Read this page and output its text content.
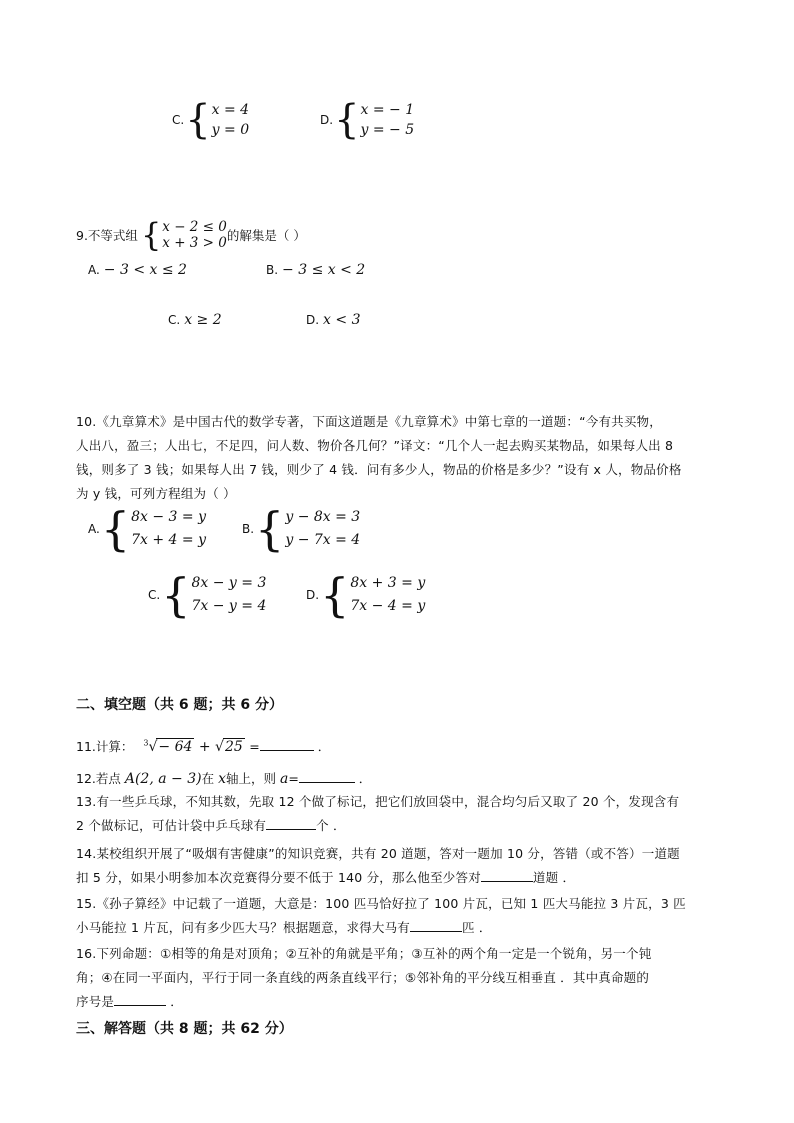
C. { x = 4
y = 0
D. { x = − 1
y = − 5
9.不等式组 { x − 2 ≤ 0
x + 3 > 0 的解集是（ ）
A. − 3 < x ≤ 2	B. − 3 ≤ x < 2
C. x ≥ 2	D. x < 3
10.《九章算术》是中国古代的数学专著，下面这道题是《九章算术》中第七章的一道题：“今有共买物，
人出八，盈三；人出七，不足四，问人数、物价各几何？”译文：“几个人一起去购买某物品，如果每人出 8
钱，则多了 3 钱；如果每人出 7 钱，则少了 4 钱．问有多少人，物品的价格是多少？”设有 x 人，物品价格
为 y 钱，可列方程组为（ ）
A. { 8x − 3 = y
7x + 4 = y
B. { y − 8x = 3
y − 7x = 4
C. { 8x − y = 3
7x − y = 4
D. { 8x + 3 = y
7x − 4 = y
二、填空题（共 6 题；共 6 分）
11.计算： $^3$√− 64 + √25 =	．
12.若点 A(2, a − 3)在 x轴上，则 a=	．
13.有一些乒乓球，不知其数，先取 12 个做了标记，把它们放回袋中，混合均匀后又取了 20 个，发现含有
2 个做标记，可估计袋中乒乓球有	个 ．
14.某校组织开展了“吸烟有害健康”的知识竞赛，共有 20 道题，答对一题加 10 分，答错（或不答）一道题
扣 5 分，如果小明参加本次竞赛得分要不低于 140 分，那么他至少答对	道题 ．
15.《孙子算经》中记载了一道题，大意是：100 匹马恰好拉了 100 片瓦，已知 1 匹大马能拉 3 片瓦，3 匹
小马能拉 1 片瓦，问有多少匹大马？根据题意，求得大马有	匹 ．
16.下列命题：①相等的角是对顶角；②互补的角就是平角；③互补的两个角一定是一个锐角，另一个钝
角；④在同一平面内，平行于同一条直线的两条直线平行；⑤邻补角的平分线互相垂直 ．其中真命题的
序号是	．
三、解答题（共 8 题；共 62 分）
